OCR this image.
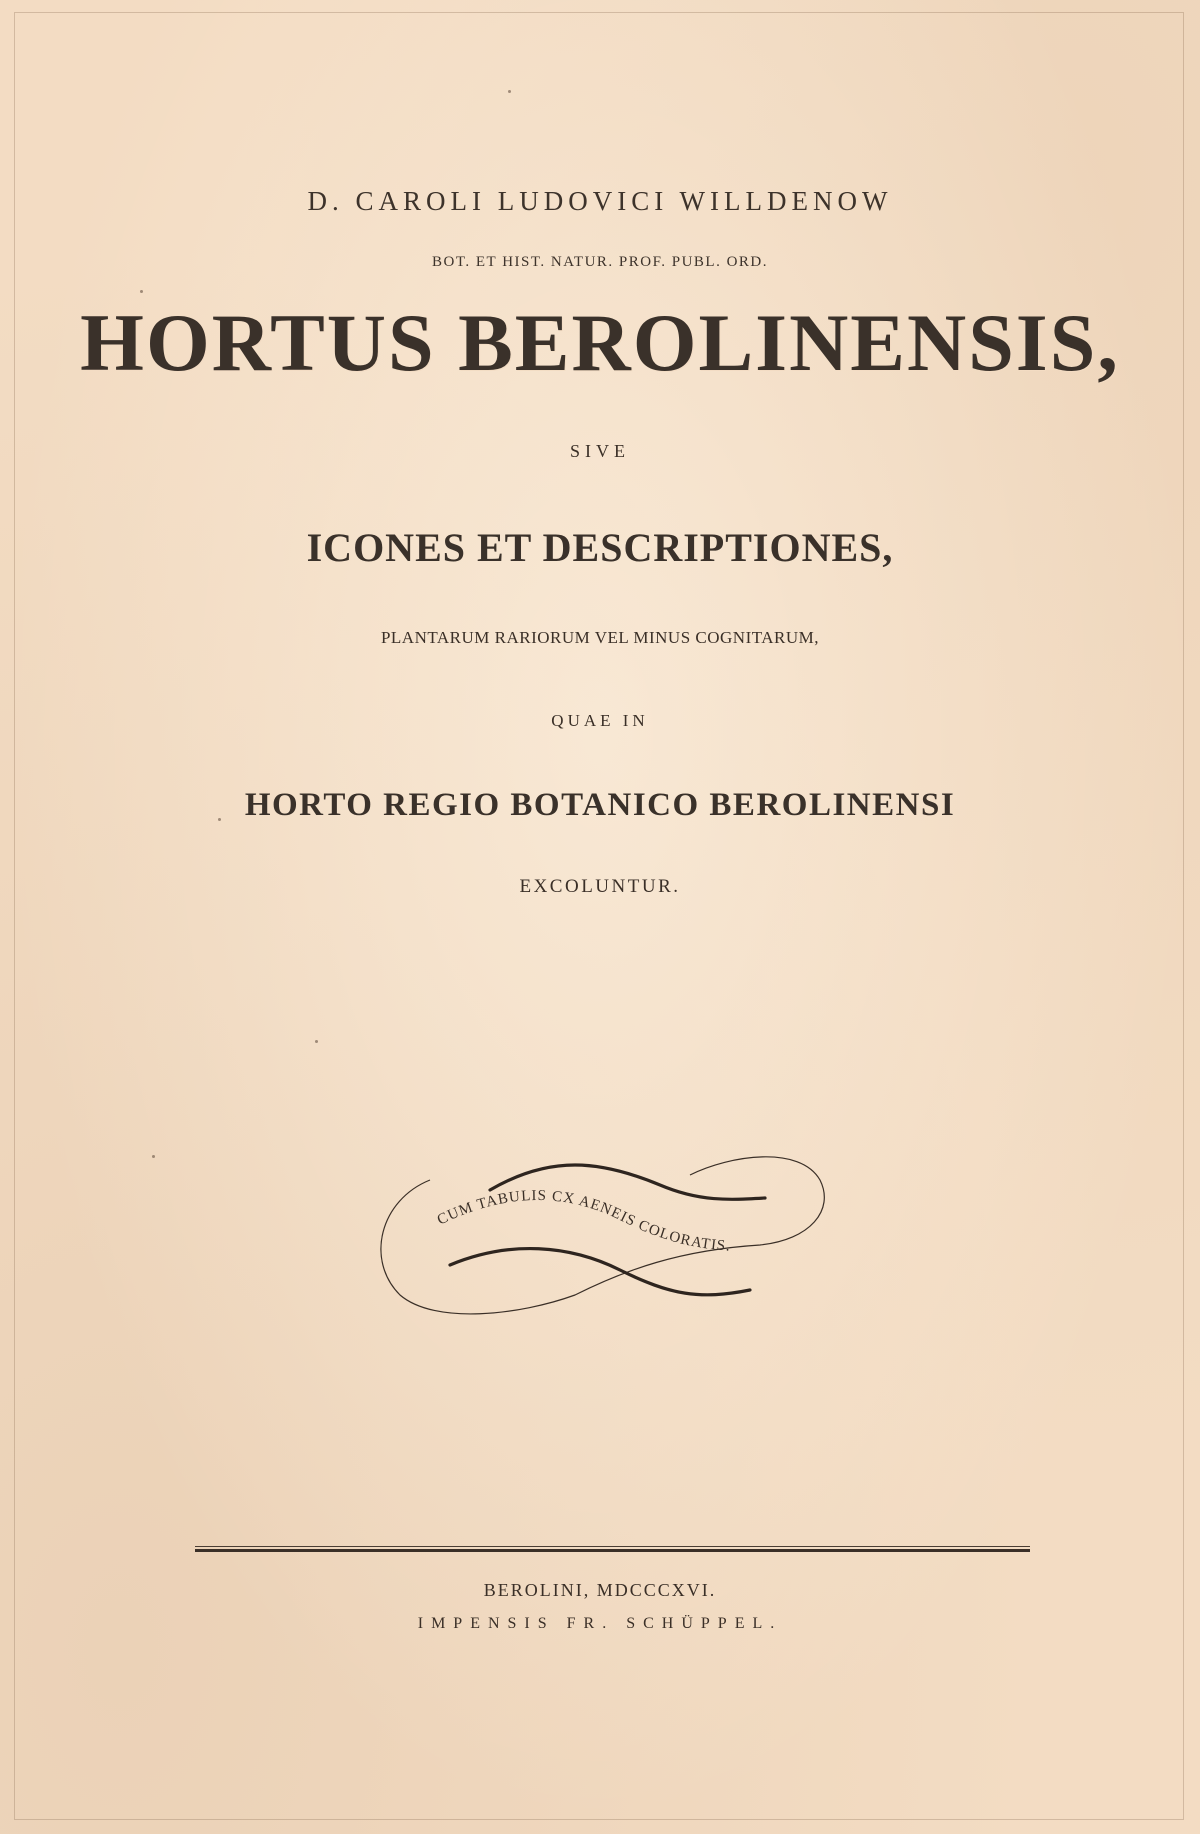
D. CAROLI LUDOVICI WILLDENOW
BOT. ET HIST. NATUR. PROF. PUBL. ORD.
HORTUS BEROLINENSIS,
SIVE
ICONES ET DESCRIPTIONES,
PLANTARUM RARIORUM VEL MINUS COGNITARUM,
QUAE IN
HORTO REGIO BOTANICO BEROLINENSI
EXCOLUNTUR.
CUM TABULIS CX AENEIS COLORATIS.
BEROLINI, MDCCCXVI.
IMPENSIS FR. SCHÜPPEL.
